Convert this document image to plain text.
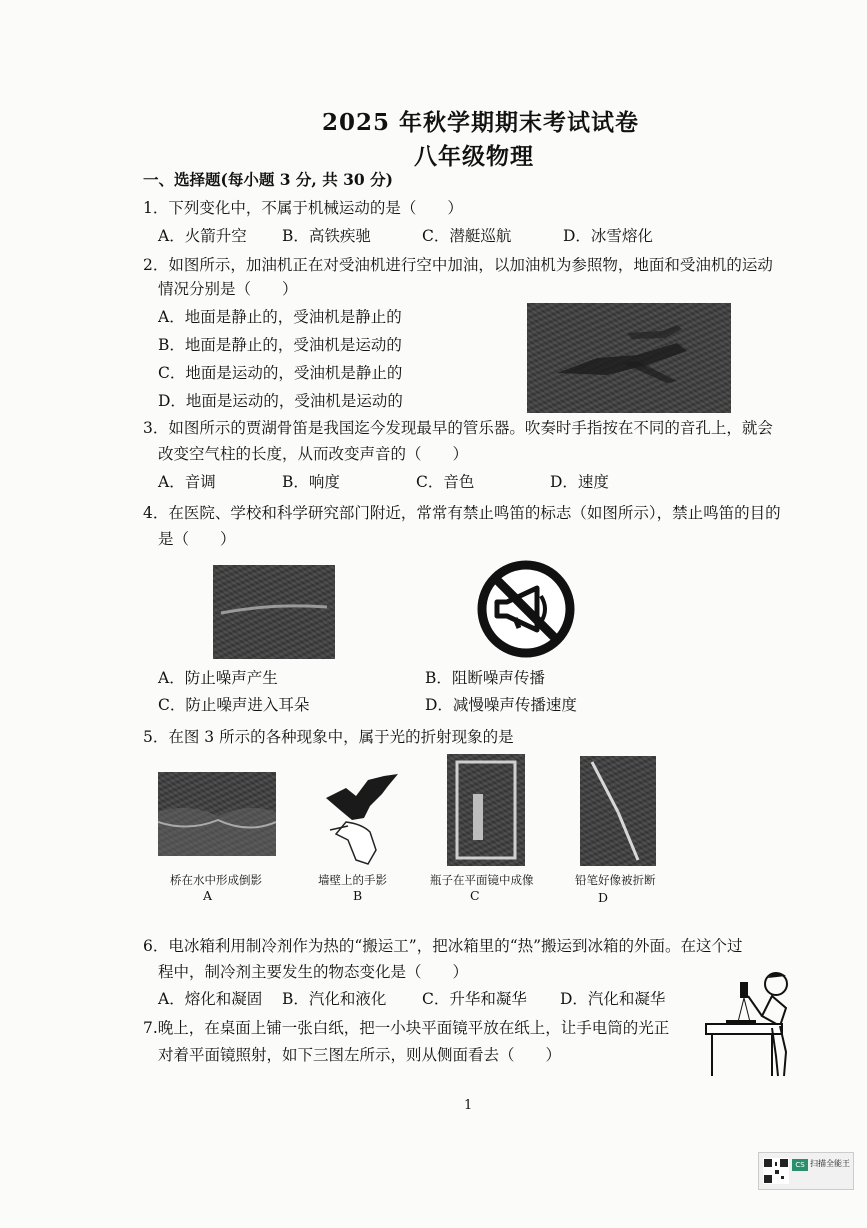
2025 年秋学期期末考试试卷
八年级物理
一、选择题(每小题 3 分, 共 30 分)
1．下列变化中，不属于机械运动的是（　　）
A．火箭升空 B．高铁疾驰	C．潜艇巡航	D．冰雪熔化
2．如图所示，加油机正在对受油机进行空中加油，以加油机为参照物，地面和受油机的运动
情况分别是（　　）
A．地面是静止的，受油机是静止的
B．地面是静止的，受油机是运动的
C．地面是运动的，受油机是静止的
D．地面是运动的，受油机是运动的
3．如图所示的贾湖骨笛是我国迄今发现最早的管乐器。吹奏时手指按在不同的音孔上，就会
改变空气柱的长度，从而改变声音的（　　）
A．音调	B．响度	C．音色	D．速度
4．在医院、学校和科学研究部门附近，常常有禁止鸣笛的标志（如图所示），禁止鸣笛的目的
是（　　）
A．防止噪声产生	B．阻断噪声传播
C．防止噪声进入耳朵	D．减慢噪声传播速度
5．在图 3 所示的各种现象中，属于光的折射现象的是
桥在水中形成倒影	墙壁上的手影	瓶子在平面镜中成像	铅笔好像被折断
A	B	C	D
6．电冰箱利用制冷剂作为热的“搬运工”，把冰箱里的“热”搬运到冰箱的外面。在这个过
程中，制冷剂主要发生的物态变化是（　　）
A．熔化和凝固 B．汽化和液化 C．升华和凝华 D．汽化和凝华
7.晚上，在桌面上铺一张白纸，把一小块平面镜平放在纸上，让手电筒的光正
对着平面镜照射，如下三图左所示，则从侧面看去（　　）
1
CS 扫描全能王
